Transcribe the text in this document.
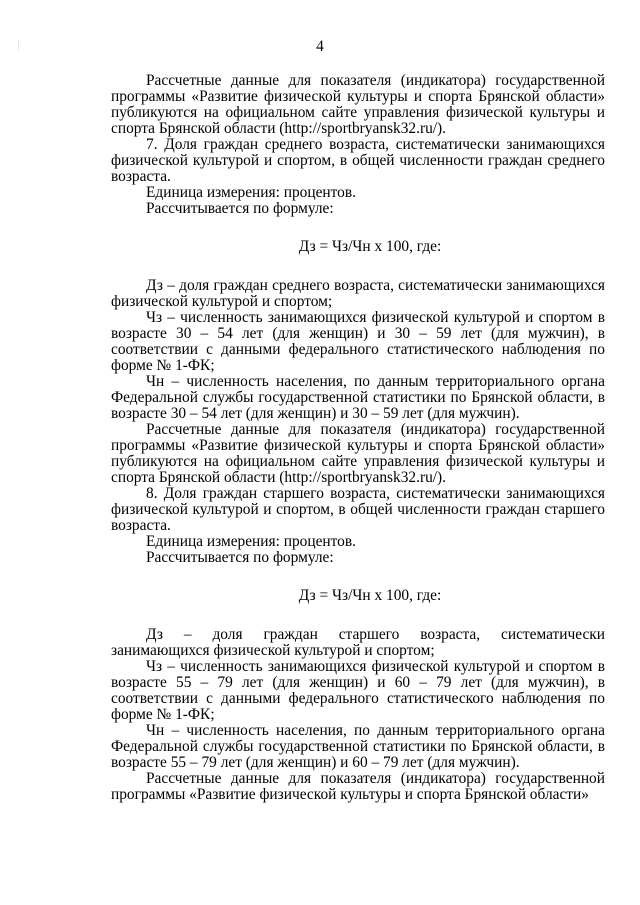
4

Рассчетные данные для показателя (индикатора) государственной программы «Развитие физической культуры и спорта Брянской области» публикуются на официальном сайте управления физической культуры и спорта Брянской области (http://sportbryansk32.ru/).

7. Доля граждан среднего возраста, систематически занимающихся физической культурой и спортом, в общей численности граждан среднего возраста.

Единица измерения: процентов.

Рассчитывается по формуле:

Дз = Чз/Чн х 100, где:

Дз – доля граждан среднего возраста, систематически занимающихся физической культурой и спортом;

Чз – численность занимающихся физической культурой и спортом в возрасте 30 – 54 лет (для женщин) и 30 – 59 лет (для мужчин), в соответствии с данными федерального статистического наблюдения по форме № 1-ФК;

Чн – численность населения, по данным территориального органа Федеральной службы государственной статистики по Брянской области, в возрасте 30 – 54 лет (для женщин) и 30 – 59 лет (для мужчин).

Рассчетные данные для показателя (индикатора) государственной программы «Развитие физической культуры и спорта Брянской области» публикуются на официальном сайте управления физической культуры и спорта Брянской области (http://sportbryansk32.ru/).

8. Доля граждан старшего возраста, систематически занимающихся физической культурой и спортом, в общей численности граждан старшего возраста.

Единица измерения: процентов.

Рассчитывается по формуле:

Дз = Чз/Чн х 100, где:

Дз – доля граждан старшего возраста, систематически занимающихся физической культурой и спортом;

Чз – численность занимающихся физической культурой и спортом в возрасте 55 – 79 лет (для женщин) и 60 – 79 лет (для мужчин), в соответствии с данными федерального статистического наблюдения по форме № 1-ФК;

Чн – численность населения, по данным территориального органа Федеральной службы государственной статистики по Брянской области, в возрасте 55 – 79 лет (для женщин) и 60 – 79 лет (для мужчин).

Рассчетные данные для показателя (индикатора) государственной программы «Развитие физической культуры и спорта Брянской области»
